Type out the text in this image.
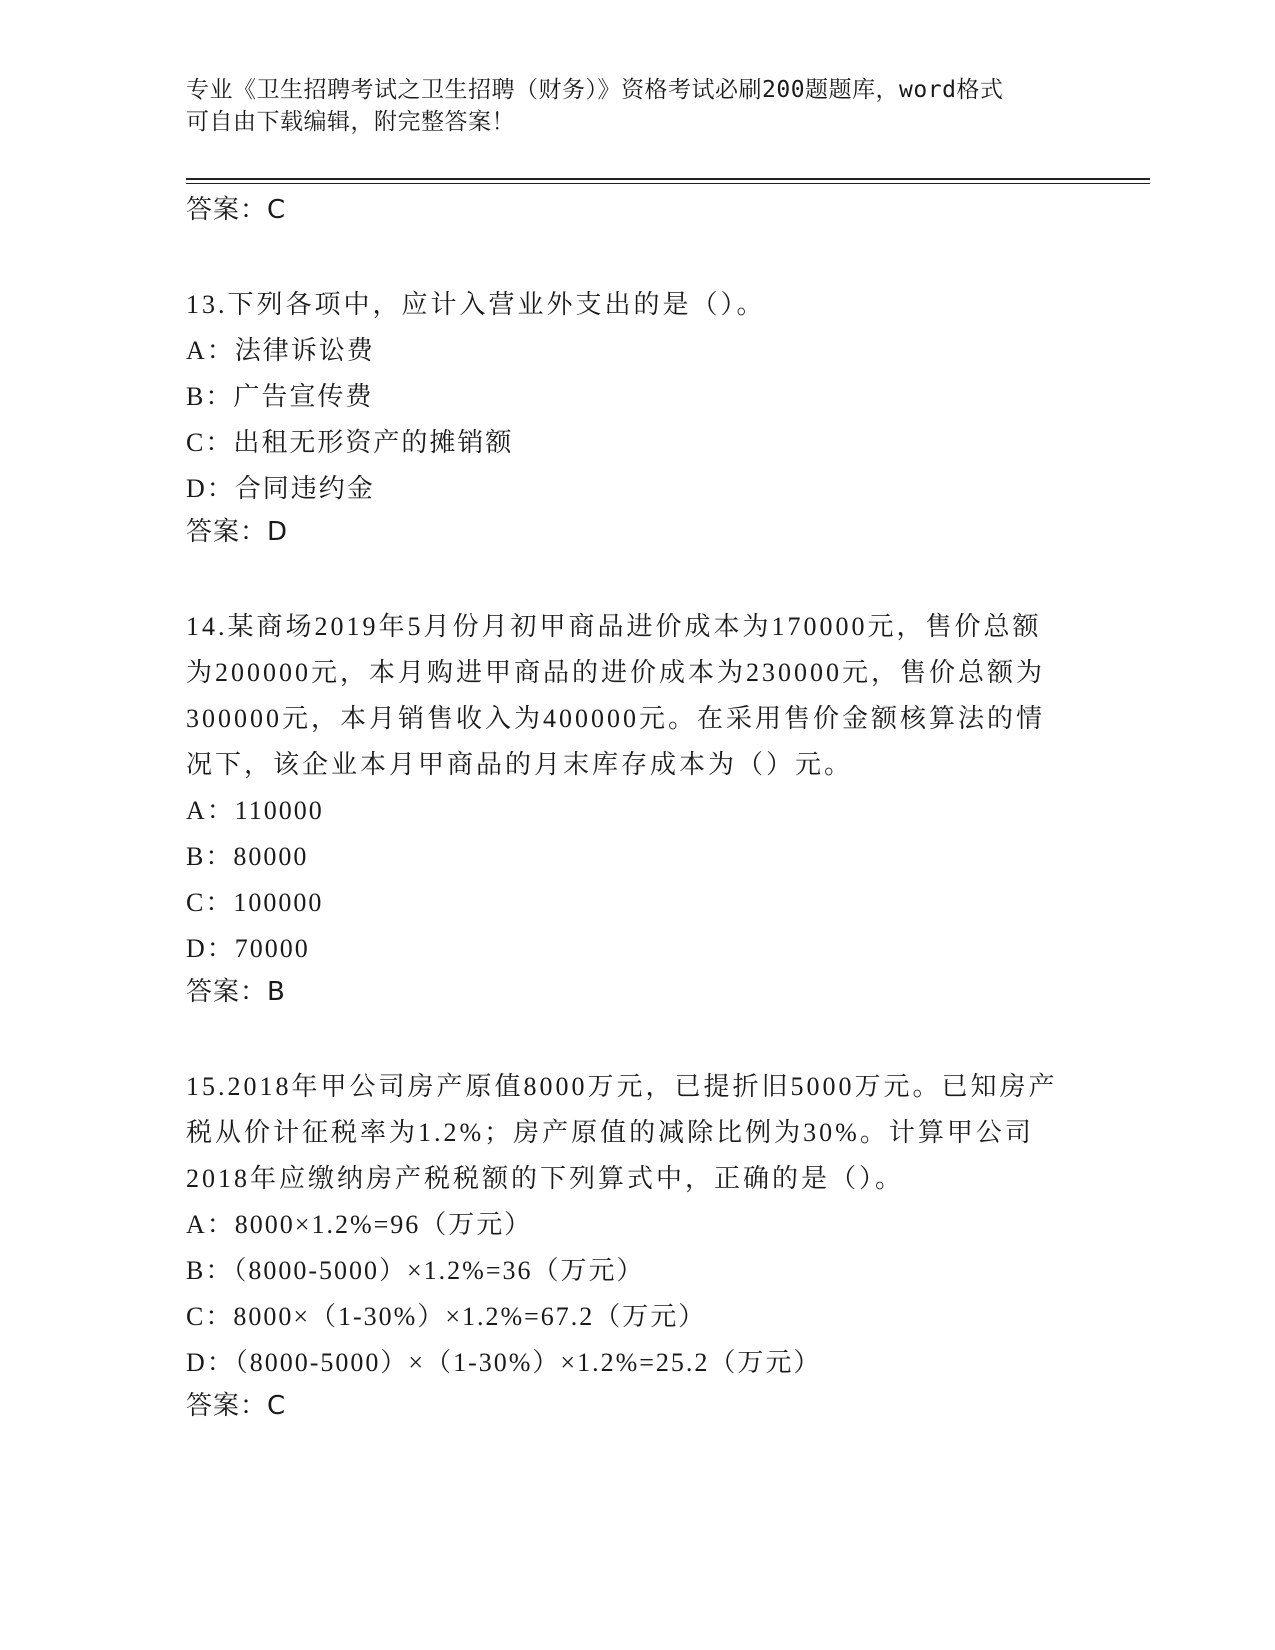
专业《卫生招聘考试之卫生招聘（财务）》资格考试必刷200题题库，word格式
可自由下载编辑，附完整答案！
答案：C

13.下列各项中，应计入营业外支出的是（）。

A：法律诉讼费
B：广告宣传费
C：出租无形资产的摊销额
D：合同违约金
答案：D

14.某商场2019年5月份月初甲商品进价成本为170000元，售价总额为200000元，本月购进甲商品的进价成本为230000元，售价总额为300000元，本月销售收入为400000元。在采用售价金额核算法的情况下，该企业本月甲商品的月末库存成本为（）元。

A：110000
B：80000
C：100000
D：70000
答案：B

15.2018年甲公司房产原值8000万元，已提折旧5000万元。已知房产税从价计征税率为1.2%；房产原值的减除比例为30%。计算甲公司2018年应缴纳房产税税额的下列算式中，正确的是（）。

A：8000×1.2%=96（万元）
B：（8000-5000）×1.2%=36（万元）
C：8000×（1-30%）×1.2%=67.2（万元）
D：（8000-5000）×（1-30%）×1.2%=25.2（万元）
答案：C
